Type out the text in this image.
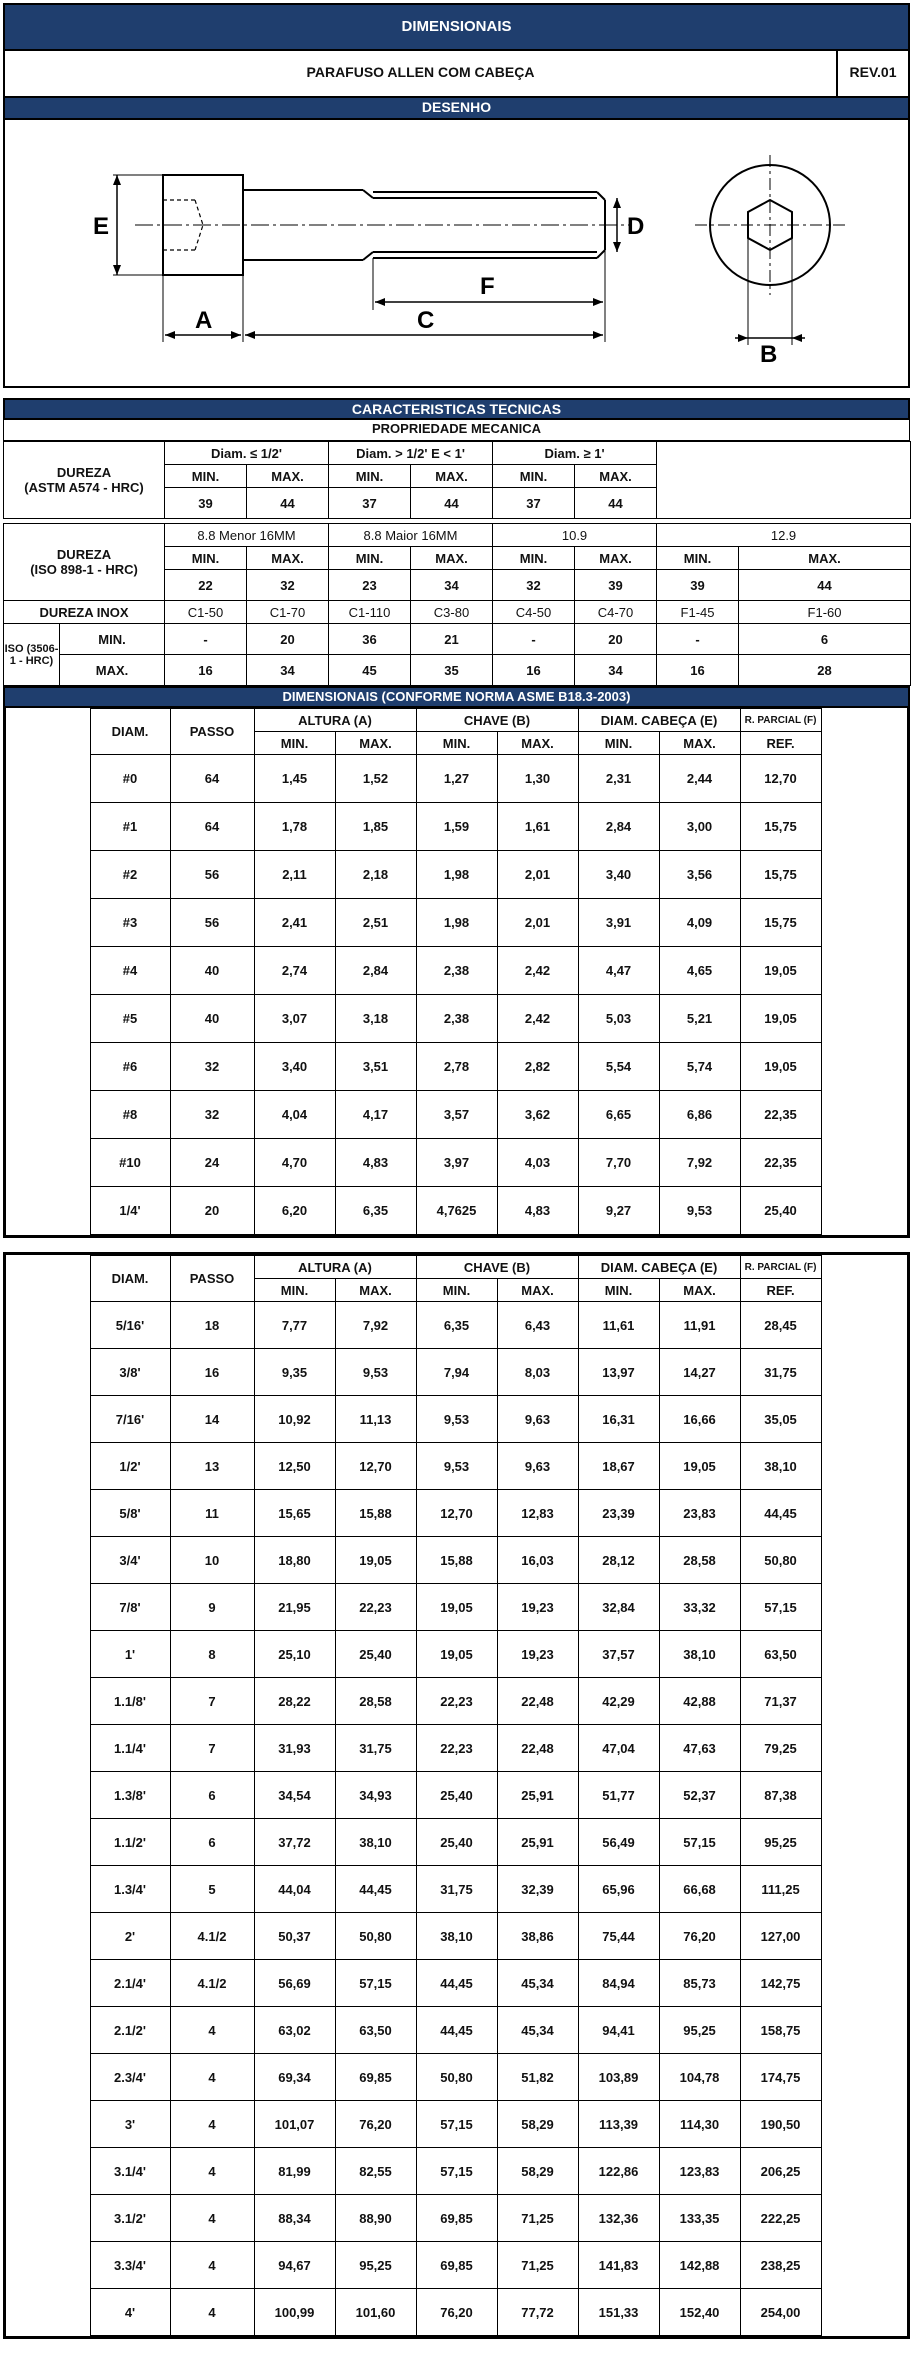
DIMENSIONAIS
PARAFUSO ALLEN COM CABEÇA	REV.01
DESENHO
E	D
F
A	C
B
CARACTERISTICAS TECNICAS
PROPRIEDADE MECANICA
DUREZA
(ASTM A574 - HRC)		Diam. ≤ 1/2'		Diam. > 1/2' E < 1'		Diam. ≥ 1'			
		MIN.	MAX.	MIN.	MAX.	MIN.	MAX.		
		39	44	37	44	37	44		

DUREZA
(ISO 898-1 - HRC)		8.8 Menor 16MM		8.8 Maior 16MM		10.9		12.9	
		MIN.	MAX.	MIN.	MAX.	MIN.	MAX.	MIN.	MAX.
		22	32	23	34	32	39	39	44
DUREZA INOX		C1-50	C1-70	C1-110	C3-80	C4-50	C4-70	F1-45	F1-60
ISO (3506-1 - HRC)	MIN.	-	20	36	21	-	20	-	6
	MAX.	16	34	45	35	16	34	16	28
DIMENSIONAIS (CONFORME NORMA ASME B18.3-2003)
	DIAM.	PASSO	ALTURA (A)		CHAVE (B)		DIAM. CABEÇA (E)		R. PARCIAL (F)	
			MIN.	MAX.	MIN.	MAX.	MIN.	MAX.	REF.	
	#0	64	1,45	1,52	1,27	1,30	2,31	2,44	12,70	
	#1	64	1,78	1,85	1,59	1,61	2,84	3,00	15,75	
	#2	56	2,11	2,18	1,98	2,01	3,40	3,56	15,75	
	#3	56	2,41	2,51	1,98	2,01	3,91	4,09	15,75	
	#4	40	2,74	2,84	2,38	2,42	4,47	4,65	19,05	
	#5	40	3,07	3,18	2,38	2,42	5,03	5,21	19,05	
	#6	32	3,40	3,51	2,78	2,82	5,54	5,74	19,05	
	#8	32	4,04	4,17	3,57	3,62	6,65	6,86	22,35	
	#10	24	4,70	4,83	3,97	4,03	7,70	7,92	22,35	
	1/4'	20	6,20	6,35	4,7625	4,83	9,27	9,53	25,40	
	DIAM.	PASSO	ALTURA (A)		CHAVE (B)		DIAM. CABEÇA (E)		R. PARCIAL (F)	
			MIN.	MAX.	MIN.	MAX.	MIN.	MAX.	REF.	
	5/16'	18	7,77	7,92	6,35	6,43	11,61	11,91	28,45	
	3/8'	16	9,35	9,53	7,94	8,03	13,97	14,27	31,75	
	7/16'	14	10,92	11,13	9,53	9,63	16,31	16,66	35,05	
	1/2'	13	12,50	12,70	9,53	9,63	18,67	19,05	38,10	
	5/8'	11	15,65	15,88	12,70	12,83	23,39	23,83	44,45	
	3/4'	10	18,80	19,05	15,88	16,03	28,12	28,58	50,80	
	7/8'	9	21,95	22,23	19,05	19,23	32,84	33,32	57,15	
	1'	8	25,10	25,40	19,05	19,23	37,57	38,10	63,50	
	1.1/8'	7	28,22	28,58	22,23	22,48	42,29	42,88	71,37	
	1.1/4'	7	31,93	31,75	22,23	22,48	47,04	47,63	79,25	
	1.3/8'	6	34,54	34,93	25,40	25,91	51,77	52,37	87,38	
	1.1/2'	6	37,72	38,10	25,40	25,91	56,49	57,15	95,25	
	1.3/4'	5	44,04	44,45	31,75	32,39	65,96	66,68	111,25	
	2'	4.1/2	50,37	50,80	38,10	38,86	75,44	76,20	127,00	
	2.1/4'	4.1/2	56,69	57,15	44,45	45,34	84,94	85,73	142,75	
	2.1/2'	4	63,02	63,50	44,45	45,34	94,41	95,25	158,75	
	2.3/4'	4	69,34	69,85	50,80	51,82	103,89	104,78	174,75	
	3'	4	101,07	76,20	57,15	58,29	113,39	114,30	190,50	
	3.1/4'	4	81,99	82,55	57,15	58,29	122,86	123,83	206,25	
	3.1/2'	4	88,34	88,90	69,85	71,25	132,36	133,35	222,25	
	3.3/4'	4	94,67	95,25	69,85	71,25	141,83	142,88	238,25	
	4'	4	100,99	101,60	76,20	77,72	151,33	152,40	254,00	
